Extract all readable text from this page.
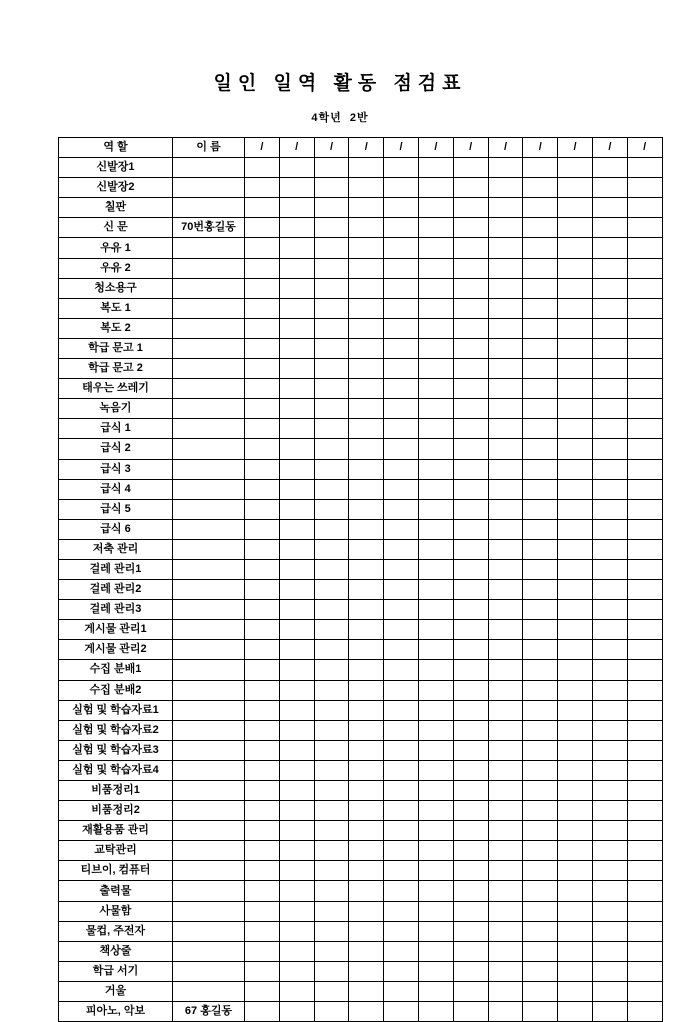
일인 일역 활동 점검표
4학년  2반
역 할	이 름	/	/	/	/	/	/	/	/	/	/	/	/
신발장1													
신발장2													
칠판													
신 문	70번홍길동												
우유 1													
우유 2													
청소용구													
복도 1													
복도 2													
학급 문고 1													
학급 문고 2													
태우는 쓰레기													
녹음기													
급식 1													
급식 2													
급식 3													
급식 4													
급식 5													
급식 6													
저축 관리													
걸레 관리1													
걸레 관리2													
걸레 관리3													
게시물 관리1													
게시물 관리2													
수집 분배1													
수집 분배2													
실험 및 학습자료1													
실험 및 학습자료2													
실험 및 학습자료3													
실험 및 학습자료4													
비품정리1													
비품정리2													
재활용품 관리													
교탁관리													
티브이, 컴퓨터													
출력물													
사물함													
물컵, 주전자													
책상줄													
학급 서기													
거울													
피아노, 악보	67 홍길동												
